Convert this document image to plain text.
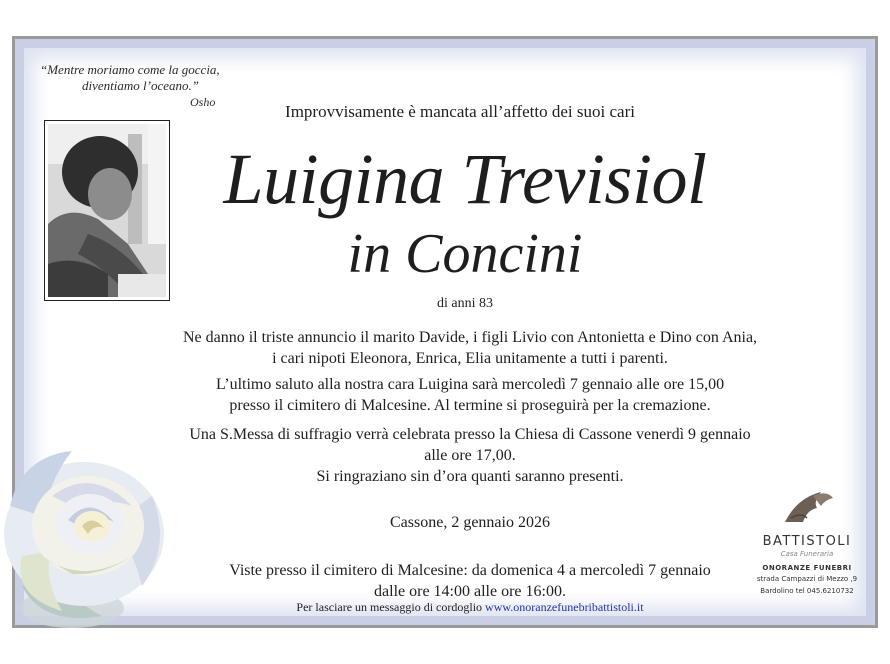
“Mentre moriamo come la goccia,
diventiamo l’oceano.”
Osho	Improvvisamente è mancata all’affetto dei suoi cari
Luigina Trevisiol
in Concini
di anni 83
Ne danno il triste annuncio il marito Davide, i figli Livio con Antonietta e Dino con Ania,
i cari nipoti Eleonora, Enrica, Elia unitamente a tutti i parenti.
L’ultimo saluto alla nostra cara Luigina sarà mercoledì 7 gennaio alle ore 15,00
presso il cimitero di Malcesine. Al termine si proseguirà per la cremazione.
Una S.Messa di suffragio verrà celebrata presso la Chiesa di Cassone venerdì 9 gennaio
alle ore 17,00.
Si ringraziano sin d’ora quanti saranno presenti.
Cassone, 2 gennaio 2026
Viste presso il cimitero di Malcesine: da domenica 4 a mercoledì 7 gennaio
dalle ore 14:00 alle ore 16:00.
Per lasciare un messaggio di cordoglio www.onoranzefunebribattistoli.it
BATTISTOLI
Casa Funeraria
ONORANZE FUNEBRI
strada Campazzi di Mezzo ,9
Bardolino tel 045.6210732
